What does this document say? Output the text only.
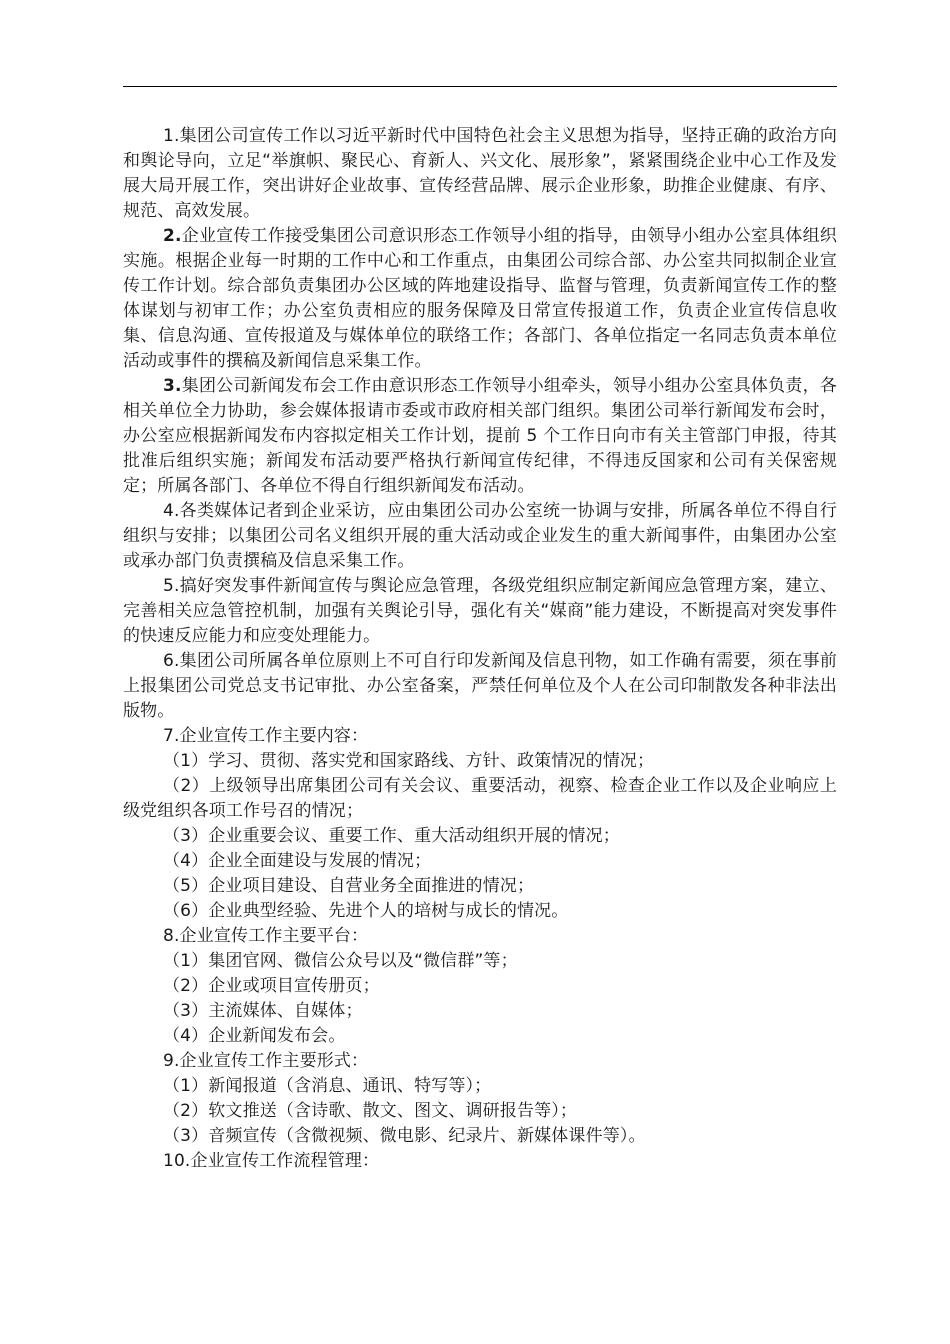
1.集团公司宣传工作以习近平新时代中国特色社会主义思想为指导，坚持正确的政治方向和舆论导向，立足“举旗帜、聚民心、育新人、兴文化、展形象”，紧紧围绕企业中心工作及发展大局开展工作，突出讲好企业故事、宣传经营品牌、展示企业形象，助推企业健康、有序、规范、高效发展。

2.企业宣传工作接受集团公司意识形态工作领导小组的指导，由领导小组办公室具体组织实施。根据企业每一时期的工作中心和工作重点，由集团公司综合部、办公室共同拟制企业宣传工作计划。综合部负责集团办公区域的阵地建设指导、监督与管理，负责新闻宣传工作的整体谋划与初审工作；办公室负责相应的服务保障及日常宣传报道工作，负责企业宣传信息收集、信息沟通、宣传报道及与媒体单位的联络工作；各部门、各单位指定一名同志负责本单位活动或事件的撰稿及新闻信息采集工作。

3.集团公司新闻发布会工作由意识形态工作领导小组牵头，领导小组办公室具体负责，各相关单位全力协助，参会媒体报请市委或市政府相关部门组织。集团公司举行新闻发布会时，办公室应根据新闻发布内容拟定相关工作计划，提前 5 个工作日向市有关主管部门申报，待其批准后组织实施；新闻发布活动要严格执行新闻宣传纪律，不得违反国家和公司有关保密规定；所属各部门、各单位不得自行组织新闻发布活动。

4.各类媒体记者到企业采访，应由集团公司办公室统一协调与安排，所属各单位不得自行组织与安排；以集团公司名义组织开展的重大活动或企业发生的重大新闻事件，由集团办公室或承办部门负责撰稿及信息采集工作。

5.搞好突发事件新闻宣传与舆论应急管理，各级党组织应制定新闻应急管理方案，建立、完善相关应急管控机制，加强有关舆论引导，强化有关“媒商”能力建设，不断提高对突发事件的快速反应能力和应变处理能力。

6.集团公司所属各单位原则上不可自行印发新闻及信息刊物，如工作确有需要，须在事前上报集团公司党总支书记审批、办公室备案，严禁任何单位及个人在公司印制散发各种非法出版物。

7.企业宣传工作主要内容：

（1）学习、贯彻、落实党和国家路线、方针、政策情况的情况；

（2）上级领导出席集团公司有关会议、重要活动，视察、检查企业工作以及企业响应上级党组织各项工作号召的情况；

（3）企业重要会议、重要工作、重大活动组织开展的情况；

（4）企业全面建设与发展的情况；

（5）企业项目建设、自营业务全面推进的情况；

（6）企业典型经验、先进个人的培树与成长的情况。

8.企业宣传工作主要平台：

（1）集团官网、微信公众号以及“微信群”等；

（2）企业或项目宣传册页；

（3）主流媒体、自媒体；

（4）企业新闻发布会。

9.企业宣传工作主要形式：

（1）新闻报道（含消息、通讯、特写等）；

（2）软文推送（含诗歌、散文、图文、调研报告等）；

（3）音频宣传（含微视频、微电影、纪录片、新媒体课件等）。

10.企业宣传工作流程管理：
